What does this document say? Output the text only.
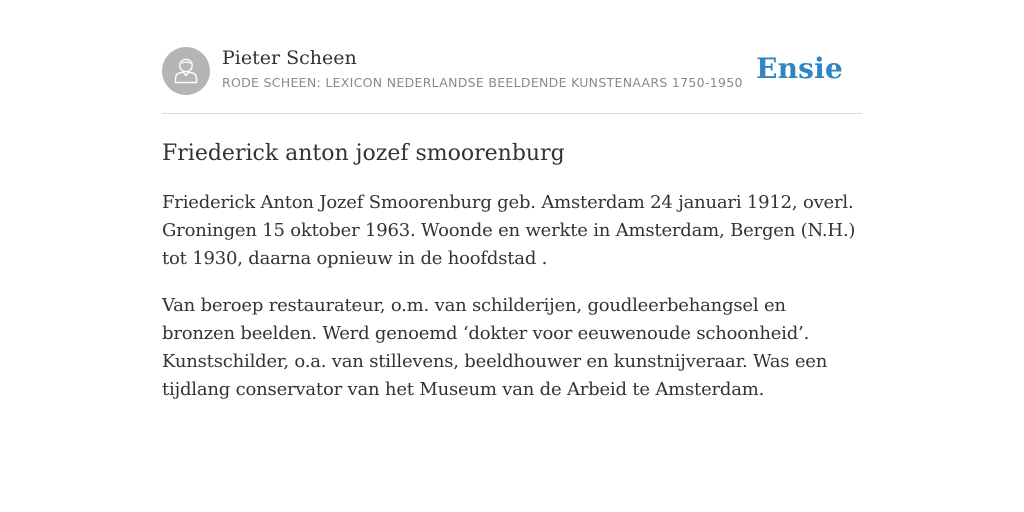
Pieter Scheen
RODE SCHEEN: LEXICON NEDERLANDSE BEELDENDE KUNSTENAARS 1750-1950 Ensie
Friederick anton jozef smoorenburg

Friederick Anton Jozef Smoorenburg geb. Amsterdam 24 januari 1912, overl. Groningen 15 oktober 1963. Woonde en werkte in Amsterdam, Bergen (N.H.) tot 1930, daarna opnieuw in de hoofdstad .

Van beroep restaurateur, o.m. van schilderijen, goudleerbehangsel en bronzen beelden. Werd genoemd ‘dokter voor eeuwenoude schoonheid’. Kunstschilder, o.a. van stillevens, beeldhouwer en kunstnijveraar. Was een tijdlang conservator van het Museum van de Arbeid te Amsterdam.
